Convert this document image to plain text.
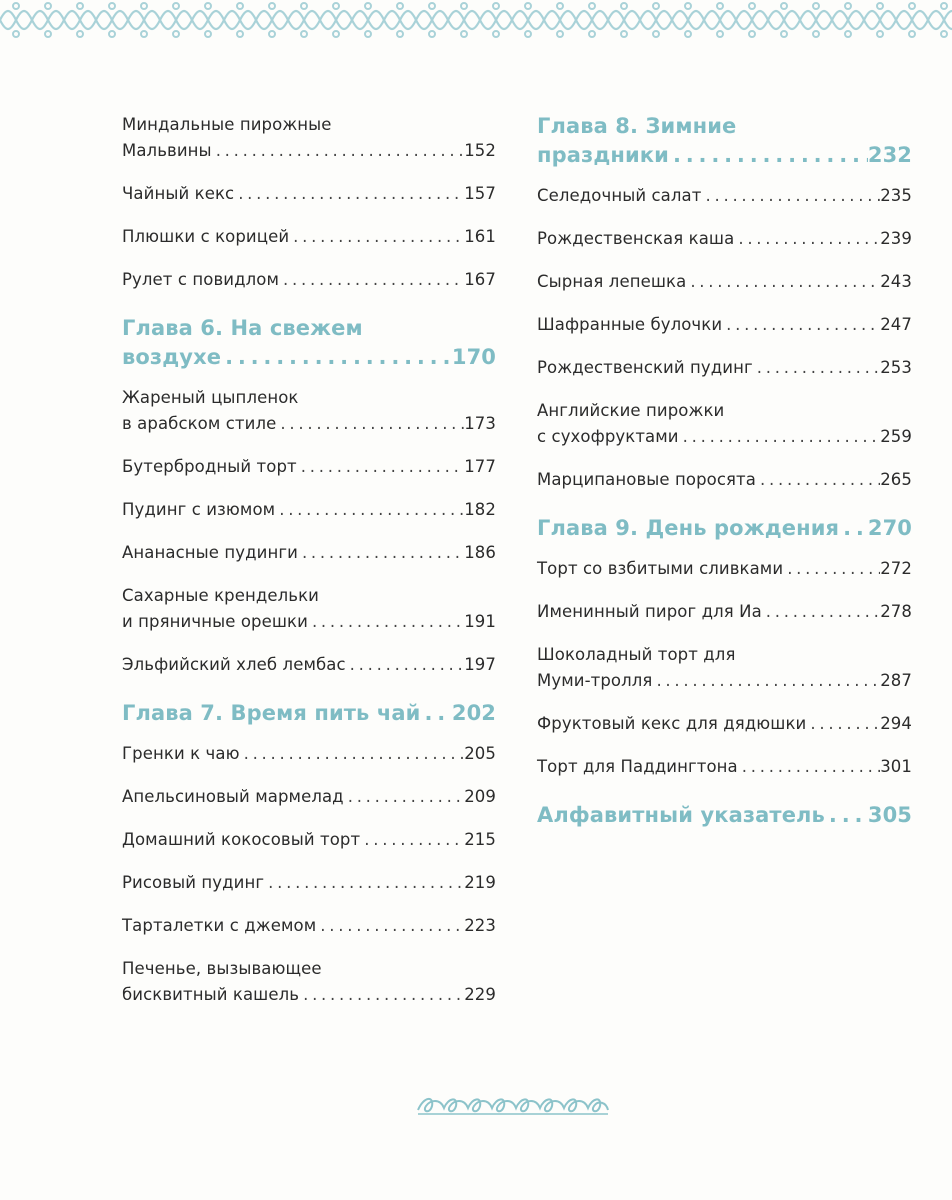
Миндальные пирожные
Мальвины . . .	152
Чайный кекс . . .	157
Плюшки с корицей . . .	161
Рулет с повидлом . . .	167
Глава 6. На свежем
воздухе . . .	170
Жареный цыпленок
в арабском стиле . . .	173
Бутербродный торт . . .	177
Пудинг с изюмом . . .	182
Ананасные пудинги . . .	186
Сахарные крендельки
и пряничные орешки . . .	191
Эльфийский хлеб лембас . . .	197
Глава 7. Время пить чай . . . 202
Гренки к чаю . . .	205
Апельсиновый мармелад . . .	209
Домашний кокосовый торт . . .	215
Рисовый пудинг . . .	219
Тарталетки с джемом . . .	223
Печенье, вызывающее
бисквитный кашель . . .	229
Глава 8. Зимние
праздники . . .	232
Селедочный салат . . .	235
Рождественская каша . . .	239
Сырная лепешка . . .	243
Шафранные булочки . . .	247
Рождественский пудинг . . .	253
Английские пирожки
с сухофруктами . . .	259
Марципановые поросята . . .	265
Глава 9. День рождения . . . 270
Торт со взбитыми сливками . . .	272
Именинный пирог для Иа . . .	278
Шоколадный торт для
Муми-тролля . . .	287
Фруктовый кекс для дядюшки . . .	294
Торт для Паддингтона . . .	301
Алфавитный указатель . . . 305
